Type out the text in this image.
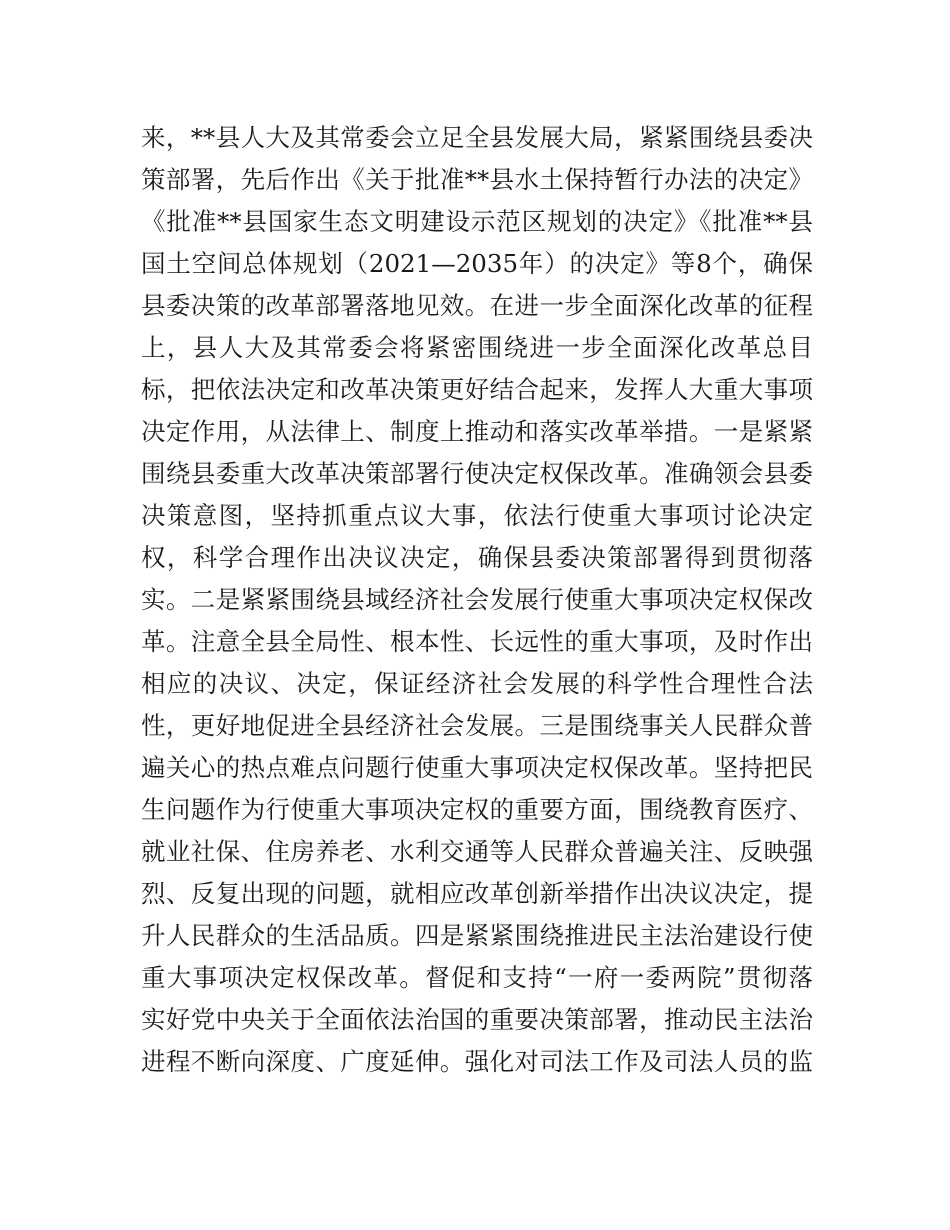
来，**县人大及其常委会立足全县发展大局，紧紧围绕县委决
策部署，先后作出《关于批准**县水土保持暂行办法的决定》
《批准**县国家生态文明建设示范区规划的决定》《批准**县
国土空间总体规划（2021—2035年）的决定》等8个，确保
县委决策的改革部署落地见效。在进一步全面深化改革的征程
上，县人大及其常委会将紧密围绕进一步全面深化改革总目
标，把依法决定和改革决策更好结合起来，发挥人大重大事项
决定作用，从法律上、制度上推动和落实改革举措。一是紧紧
围绕县委重大改革决策部署行使决定权保改革。准确领会县委
决策意图，坚持抓重点议大事，依法行使重大事项讨论决定
权，科学合理作出决议决定，确保县委决策部署得到贯彻落
实。二是紧紧围绕县域经济社会发展行使重大事项决定权保改
革。注意全县全局性、根本性、长远性的重大事项，及时作出
相应的决议、决定，保证经济社会发展的科学性合理性合法
性，更好地促进全县经济社会发展。三是围绕事关人民群众普
遍关心的热点难点问题行使重大事项决定权保改革。坚持把民
生问题作为行使重大事项决定权的重要方面，围绕教育医疗、
就业社保、住房养老、水利交通等人民群众普遍关注、反映强
烈、反复出现的问题，就相应改革创新举措作出决议决定，提
升人民群众的生活品质。四是紧紧围绕推进民主法治建设行使
重大事项决定权保改革。督促和支持“一府一委两院”贯彻落
实好党中央关于全面依法治国的重要决策部署，推动民主法治
进程不断向深度、广度延伸。强化对司法工作及司法人员的监
